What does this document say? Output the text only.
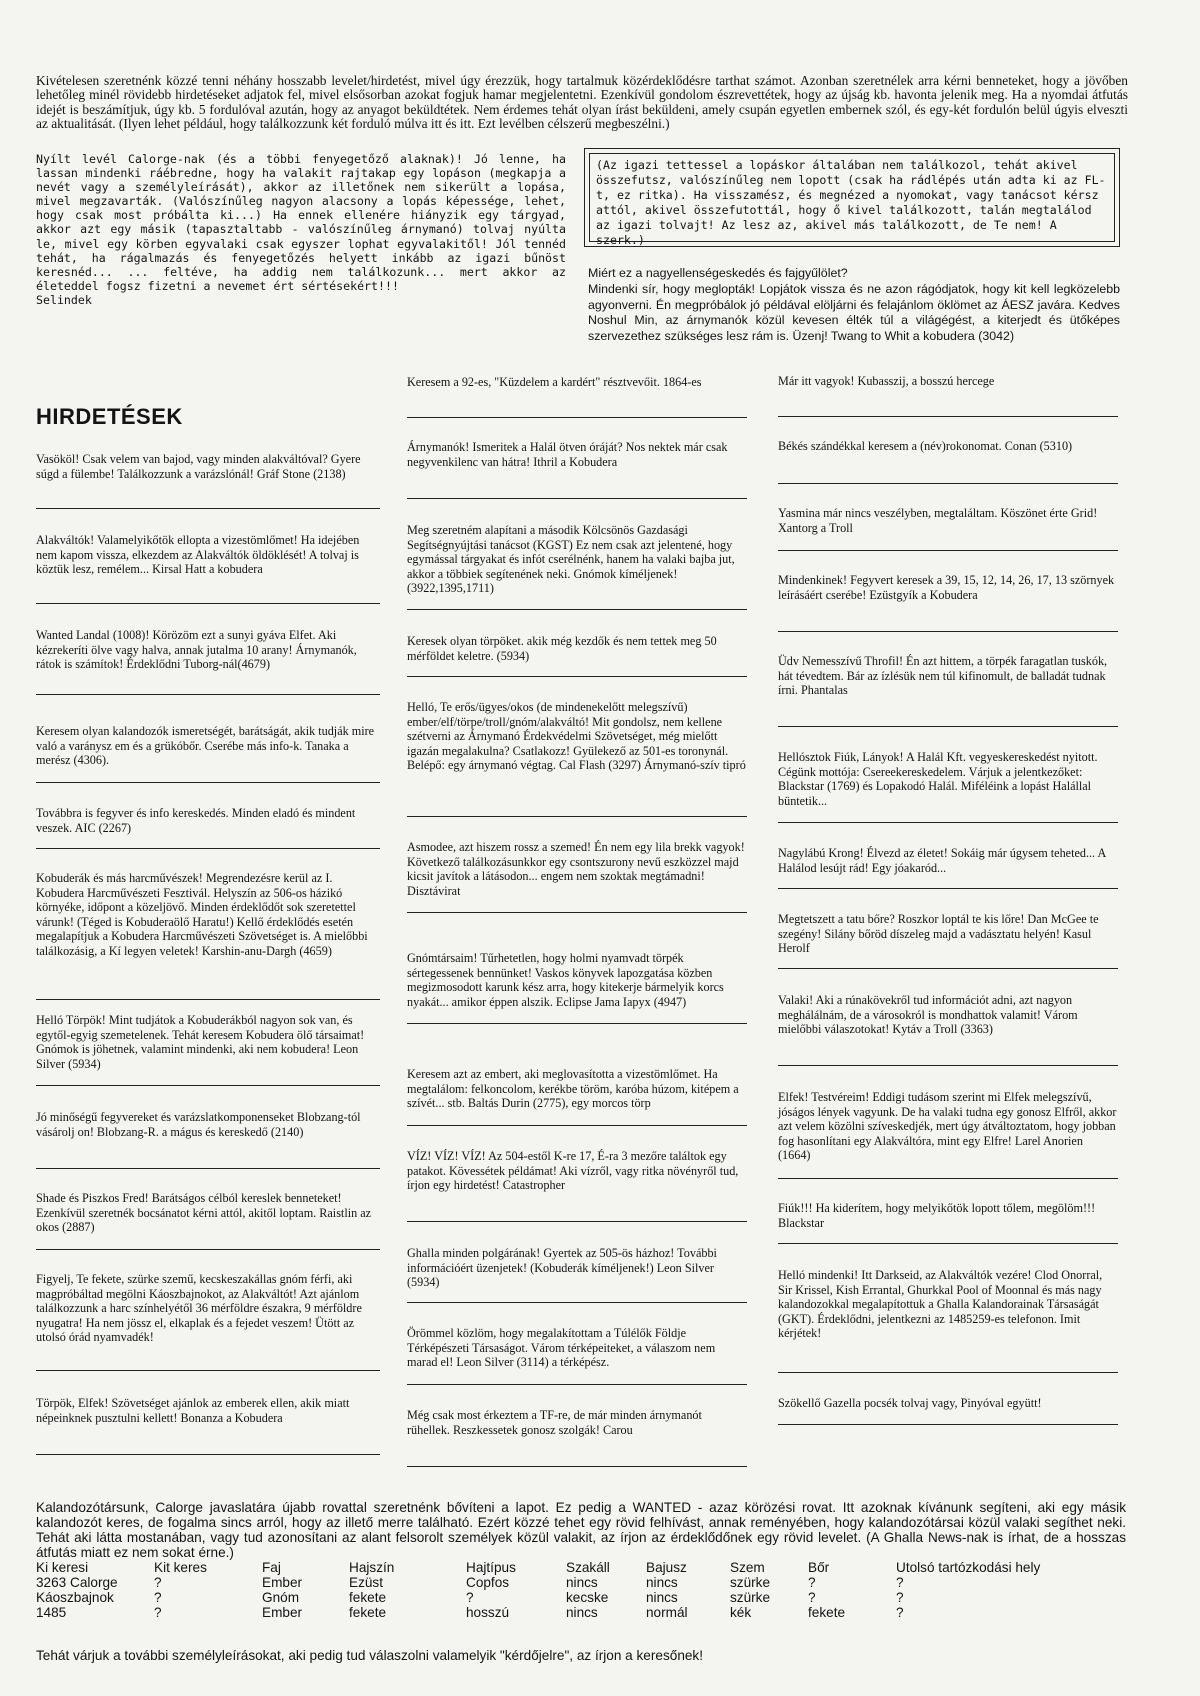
Kivételesen szeretnénk közzé tenni néhány hosszabb levelet/hirdetést, mivel úgy érezzük, hogy tartalmuk közérdeklődésre tarthat számot. Azonban szeretnélek arra kérni benneteket, hogy a jövőben lehetőleg minél rövidebb hirdetéseket adjatok fel, mivel elsősorban azokat fogjuk hamar megjelentetni. Ezenkívül gondolom észrevettétek, hogy az újság kb. havonta jelenik meg. Ha a nyomdai átfutás idejét is beszámítjuk, úgy kb. 5 fordulóval azután, hogy az anyagot beküldtétek. Nem érdemes tehát olyan írást beküldeni, amely csupán egyetlen embernek szól, és egy-két fordulón belül úgyis elveszti az aktualitását. (Ilyen lehet például, hogy találkozzunk két forduló múlva itt és itt. Ezt levélben célszerű megbeszélni.)

Nyílt levél Calorge-nak (és a többi fenyegetőző alaknak)! Jó lenne, ha lassan mindenki ráébredne, hogy ha valakit rajtakap egy lopáson (megkapja a nevét vagy a személyleírását), akkor az illetőnek nem sikerült a lopása, mivel megzavarták. (Valószínűleg nagyon alacsony a lopás képessége, lehet, hogy csak most próbálta ki...) Ha ennek ellenére hiányzik egy tárgyad, akkor azt egy másik (tapasztaltabb - valószínűleg árnymanó) tolvaj nyúlta le, mivel egy körben egyvalaki csak egyszer lophat egyvalakitől! Jól tennéd tehát, ha rágalmazás és fenyegetőzés helyett inkább az igazi bűnöst keresnéd... ... feltéve, ha addig nem találkozunk... mert akkor az életeddel fogsz fizetni a nevemet ért sértésekért!!!

Selindek

(Az igazi tettessel a lopáskor általában nem találkozol, tehát akivel összefutsz, valószínűleg nem lopott (csak ha rádlépés után adta ki az FL-t, ez ritka). Ha visszamész, és megnézed a nyomokat, vagy tanácsot kérsz attól, akivel összefutottál, hogy ő kivel találkozott, talán megtalálod az igazi tolvajt! Az lesz az, akivel más találkozott, de Te nem! A szerk.)

Miért ez a nagyellenségeskedés és fajgyűlölet?

Mindenki sír, hogy meglopták! Lopjátok vissza és ne azon rágódjatok, hogy kit kell legközelebb agyonverni. Én megpróbálok jó példával elöljárni és felajánlom öklömet az ÁESZ javára. Kedves Noshul Min, az árnymanók közül kevesen élték túl a világégést, a kiterjedt és ütőképes szervezethez szükséges lesz rám is. Üzenj! Twang to Whit a kobudera (3042)

HIRDETÉSEK

Vasököl! Csak velem van bajod, vagy minden alakváltóval? Gyere súgd a fülembe! Találkozzunk a varázslónál! Gráf Stone (2138)

Alakváltók! Valamelyikőtök ellopta a vizestömlőmet! Ha idejében nem kapom vissza, elkezdem az Alakváltók öldöklését! A tolvaj is köztük lesz, remélem... Kirsal Hatt a kobudera

Wanted Landal (1008)! Körözöm ezt a sunyi gyáva Elfet. Aki kézrekeríti ölve vagy halva, annak jutalma 10 arany! Árnymanók, rátok is számítok! Érdeklődni Tuborg-nál(4679)

Keresem olyan kalandozók ismeretségét, barátságát, akik tudják mire való a varánysz em és a grükóbőr. Cserébe más info-k. Tanaka a merész (4306).

Továbbra is fegyver és info kereskedés. Minden eladó és mindent veszek. AIC (2267)

Kobuderák és más harcművészek! Megrendezésre kerül az I. Kobudera Harcművészeti Fesztivál. Helyszín az 506-os házikó környéke, időpont a közeljövő. Minden érdeklődőt sok szeretettel várunk! (Téged is Kobuderaölő Haratu!) Kellő érdeklődés esetén megalapítjuk a Kobudera Harcművészeti Szövetséget is. A mielőbbi találkozásig, a Kí legyen veletek! Karshin-anu-Dargh (4659)

Helló Törpök! Mint tudjátok a Kobuderákból nagyon sok van, és egytől-egyig szemetelenek. Tehát keresem Kobudera ölő társaimat! Gnómok is jöhetnek, valamint mindenki, aki nem kobudera! Leon Silver (5934)

Jó minőségű fegyvereket és varázslatkomponenseket Blobzang-tól vásárolj on! Blobzang-R. a mágus és kereskedő (2140)

Shade és Piszkos Fred! Barátságos célból kereslek benneteket! Ezenkívül szeretnék bocsánatot kérni attól, akitől loptam. Raistlin az okos (2887)

Figyelj, Te fekete, szürke szemű, kecskeszakállas gnóm férfi, aki magpróbáltad megölni Káoszbajnokot, az Alakváltót! Azt ajánlom találkozzunk a harc színhelyétől 36 mérföldre északra, 9 mérföldre nyugatra! Ha nem jössz el, elkaplak és a fejedet veszem! Ütött az utolsó órád nyamvadék!

Törpök, Elfek! Szövetséget ajánlok az emberek ellen, akik miatt népeinknek pusztulni kellett! Bonanza a Kobudera

Keresem a 92-es, "Küzdelem a kardért" résztvevőit. 1864-es

Árnymanók! Ismeritek a Halál ötven óráját? Nos nektek már csak negyvenkilenc van hátra! Ithril a Kobudera

Meg szeretném alapítani a második Kölcsönös Gazdasági Segítségnyújtási tanácsot (KGST) Ez nem csak azt jelentené, hogy egymással tárgyakat és infót cserélnénk, hanem ha valaki bajba jut, akkor a többiek segítenének neki. Gnómok kíméljenek! (3922,1395,1711)

Keresek olyan törpöket. akik még kezdők és nem tettek meg 50 mérföldet keletre. (5934)

Helló, Te erős/ügyes/okos (de mindenekelőtt melegszívű) ember/elf/törpe/troll/gnóm/alakváltó! Mit gondolsz, nem kellene szétverni az Árnymanó Érdekvédelmi Szövetséget, még mielőtt igazán megalakulna? Csatlakozz! Gyülekező az 501-es toronynál. Belépő: egy árnymanó végtag. Cal Flash (3297) Árnymanó-szív tipró

Asmodee, azt hiszem rossz a szemed! Én nem egy lila brekk vagyok! Következő találkozásunkkor egy csontszurony nevű eszközzel majd kicsit javítok a látásodon... engem nem szoktak megtámadni! Disztávirat

Gnómtársaim! Tűrhetetlen, hogy holmi nyamvadt törpék sértegessenek bennünket! Vaskos könyvek lapozgatása közben megizmosodott karunk kész arra, hogy kitekerje bármelyik korcs nyakát... amikor éppen alszik. Eclipse Jama Iapyx (4947)

Keresem azt az embert, aki meglovasította a vizestömlőmet. Ha megtalálom: felkoncolom, kerékbe töröm, karóba húzom, kitépem a szívét... stb. Baltás Durin (2775), egy morcos törp

VÍZ! VÍZ! VÍZ! Az 504-estől K-re 17, É-ra 3 mezőre találtok egy patakot. Kövessétek példámat! Aki vízről, vagy ritka növényről tud, írjon egy hirdetést! Catastropher

Ghalla minden polgárának! Gyertek az 505-ös házhoz! További információért üzenjetek! (Kobuderák kíméljenek!) Leon Silver (5934)

Örömmel közlöm, hogy megalakítottam a Túlélők Földje Térképészeti Társaságot. Várom térképeiteket, a válaszom nem marad el! Leon Silver (3114) a térképész.

Még csak most érkeztem a TF-re, de már minden árnymanót rühellek. Reszkessetek gonosz szolgák! Carou

Már itt vagyok! Kubasszij, a bosszú hercege

Békés szándékkal keresem a (név)rokonomat. Conan (5310)

Yasmina már nincs veszélyben, megtaláltam. Köszönet érte Grid! Xantorg a Troll

Mindenkinek! Fegyvert keresek a 39, 15, 12, 14, 26, 17, 13 szörnyek leírásáért cserébe! Ezüstgyík a Kobudera

Üdv Nemesszívű Throfil! Én azt hittem, a törpék faragatlan tuskók, hát tévedtem. Bár az ízlésük nem túl kifinomult, de balladát tudnak írni. Phantalas

Hellósztok Fiúk, Lányok! A Halál Kft. vegyeskereskedést nyitott. Cégünk mottója: Csereekereskedelem. Várjuk a jelentkezőket: Blackstar (1769) és Lopakodó Halál. Miféléink a lopást Halállal büntetik...

Nagylábú Krong! Élvezd az életet! Sokáig már úgysem teheted... A Halálod lesújt rád! Egy jóakaród...

Megtetszett a tatu bőre? Roszkor loptál te kis lőre! Dan McGee te szegény! Silány bőröd díszeleg majd a vadásztatu helyén! Kasul Herolf

Valaki! Aki a rúnakövekről tud információt adni, azt nagyon meghálálnám, de a városokról is mondhattok valamit! Várom mielőbbi válaszotokat! Kytáv a Troll (3363)

Elfek! Testvéreim! Eddigi tudásom szerint mi Elfek melegszívű, jóságos lények vagyunk. De ha valaki tudna egy gonosz Elfről, akkor azt velem közölni szíveskedjék, mert úgy átváltoztatom, hogy jobban fog hasonlítani egy Alakváltóra, mint egy Elfre! Larel Anorien (1664)

Fiúk!!! Ha kiderítem, hogy melyikőtök lopott tőlem, megölöm!!! Blackstar

Helló mindenki! Itt Darkseid, az Alakváltók vezére! Clod Onorral, Sir Krissel, Kish Errantal, Ghurkkal Pool of Moonnal és más nagy kalandozokkal megalapítottuk a Ghalla Kalandorainak Társaságát (GKT). Érdeklődni, jelentkezni az 1485259-es telefonon. Imit kérjétek!

Szökellő Gazella pocsék tolvaj vagy, Pinyóval együtt!

Kalandozótársunk, Calorge javaslatára újabb rovattal szeretnénk bővíteni a lapot. Ez pedig a WANTED - azaz körözési rovat. Itt azoknak kívánunk segíteni, aki egy másik kalandozót keres, de fogalma sincs arról, hogy az illető merre található. Ezért közzé tehet egy rövid felhívást, annak reményében, hogy kalandozótársai közül valaki segíthet neki. Tehát aki látta mostanában, vagy tud azonosítani az alant felsorolt személyek közül valakit, az írjon az érdeklődőnek egy rövid levelet. (A Ghalla News-nak is írhat, de a hosszas átfutás miatt ez nem sokat érne.)

Ki keresi	Kit keres	Faj	Hajszín	Hajtípus	Szakáll	Bajusz	Szem	Bőr	Utolsó tartózkodási hely
3263 Calorge	?	Ember	Ezüst	Copfos	nincs	nincs	szürke	?	?
Káoszbajnok	?	Gnóm	fekete	?	kecske	nincs	szürke	?	?
1485	?	Ember	fekete	hosszú	nincs	normál	kék	fekete	?
Tehát várjuk a további személyleírásokat, aki pedig tud válaszolni valamelyik "kérdőjelre", az írjon a keresőnek!
